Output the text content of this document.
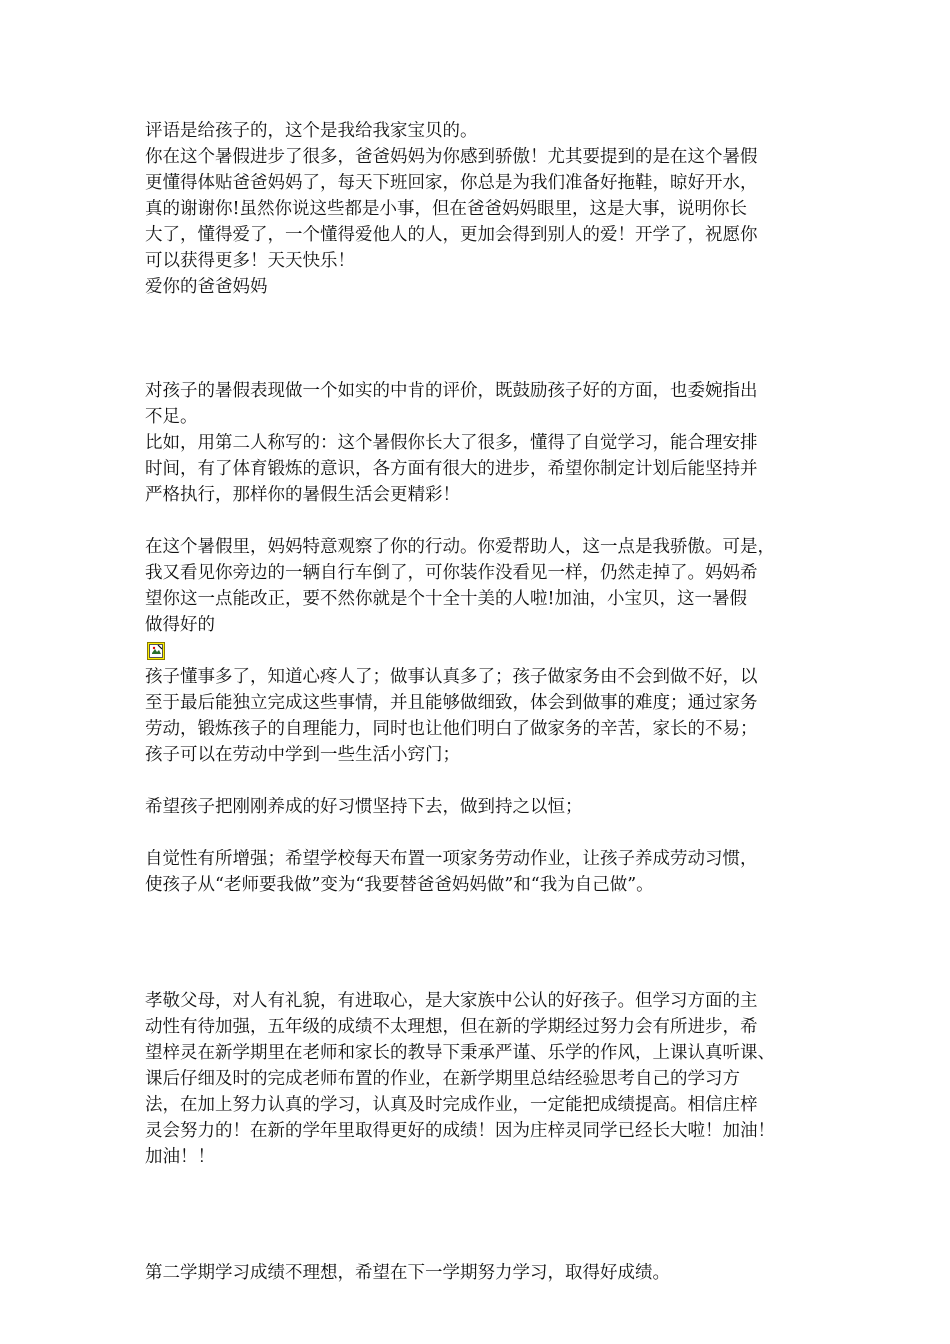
评语是给孩子的，这个是我给我家宝贝的。
你在这个暑假进步了很多，爸爸妈妈为你感到骄傲！尤其要提到的是在这个暑假
更懂得体贴爸爸妈妈了，每天下班回家，你总是为我们准备好拖鞋，晾好开水，
真的谢谢你!虽然你说这些都是小事，但在爸爸妈妈眼里，这是大事，说明你长
大了，懂得爱了，一个懂得爱他人的人，更加会得到别人的爱！开学了，祝愿你
可以获得更多！天天快乐！
爱你的爸爸妈妈
对孩子的暑假表现做一个如实的中肯的评价，既鼓励孩子好的方面，也委婉指出
不足。
比如，用第二人称写的：这个暑假你长大了很多，懂得了自觉学习，能合理安排
时间，有了体育锻炼的意识，各方面有很大的进步，希望你制定计划后能坚持并
严格执行，那样你的暑假生活会更精彩！
在这个暑假里，妈妈特意观察了你的行动。你爱帮助人，这一点是我骄傲。可是，
我又看见你旁边的一辆自行车倒了，可你装作没看见一样，仍然走掉了。妈妈希
望你这一点能改正，要不然你就是个十全十美的人啦!加油，小宝贝，这一暑假
做得好的
孩子懂事多了，知道心疼人了；做事认真多了；孩子做家务由不会到做不好，以
至于最后能独立完成这些事情，并且能够做细致，体会到做事的难度；通过家务
劳动，锻炼孩子的自理能力，同时也让他们明白了做家务的辛苦，家长的不易；
孩子可以在劳动中学到一些生活小窍门；
希望孩子把刚刚养成的好习惯坚持下去，做到持之以恒；
自觉性有所增强；希望学校每天布置一项家务劳动作业，让孩子养成劳动习惯，
使孩子从“老师要我做”变为“我要替爸爸妈妈做”和“我为自己做”。
孝敬父母，对人有礼貌，有进取心，是大家族中公认的好孩子。但学习方面的主
动性有待加强，五年级的成绩不太理想，但在新的学期经过努力会有所进步，希
望梓灵在新学期里在老师和家长的教导下秉承严谨、乐学的作风，上课认真听课、
课后仔细及时的完成老师布置的作业，在新学期里总结经验思考自己的学习方
法，在加上努力认真的学习，认真及时完成作业，一定能把成绩提高。相信庄梓
灵会努力的！在新的学年里取得更好的成绩！因为庄梓灵同学已经长大啦！加油！
加油！！
第二学期学习成绩不理想，希望在下一学期努力学习，取得好成绩。
